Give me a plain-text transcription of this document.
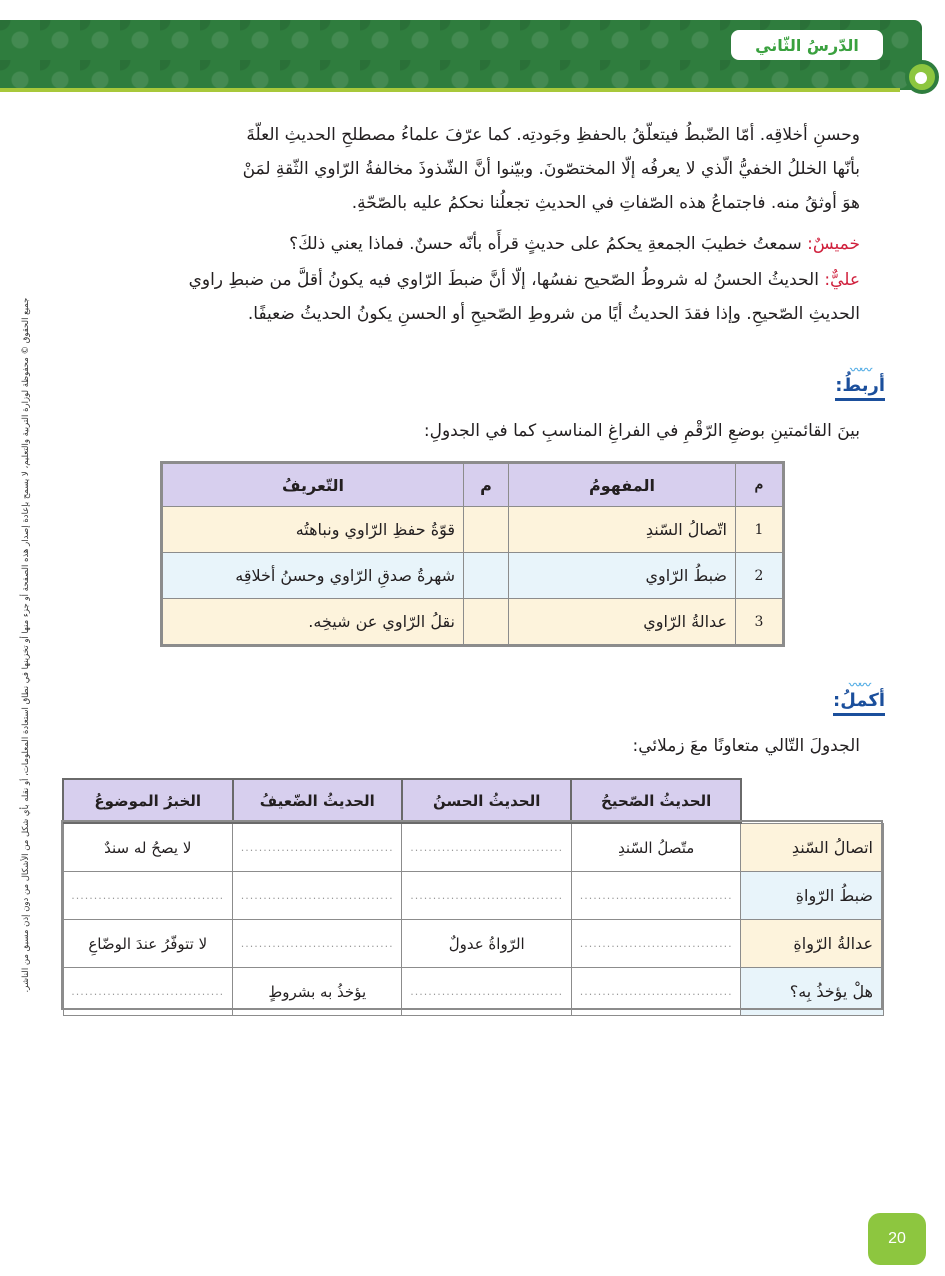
الدّرسُ الثّاني
وحسنِ أخلاقِه. أمّا الضّبطُ فيتعلّقُ بالحفظِ وجَودتِه. كما عرّفَ علماءُ مصطلحِ الحديثِ العلّةَ
بأنّها الخللُ الخفيُّ الّذي لا يعرفُه إلّا المختصّونَ. وبيّنوا أنَّ الشّذوذَ مخالفةُ الرّاوي الثّقةِ لمَنْ
هوَ أوثقُ منه. فاجتماعُ هذه الصّفاتِ في الحديثِ تجعلُنا نحكمُ عليه بالصّحّةِ.
خميسٌ: سمعتُ خطيبَ الجمعةِ يحكمُ على حديثٍ قرأَه بأنّه حسنٌ. فماذا يعني ذلكَ؟
عليٌّ: الحديثُ الحسنُ له شروطُ الصّحيح نفسُها، إلّا أنَّ ضبطَ الرّاوي فيه يكونُ أقلَّ من ضبطِ راوي
الحديثِ الصّحيحِ. وإذا فقدَ الحديثُ أيًا من شروطِ الصّحيحِ أو الحسنِ يكونُ الحديثُ ضعيفًا.
〰〰
أربطُ:
بينَ القائمتينِ بوضعِ الرّقْمِ في الفراغِ المناسبِ كما في الجدولِ:
م	المفهومُ	م	التّعريفُ
1	اتّصالُ السّندِ		قوّةُ حفظِ الرّاوي ونباهتُه
2	ضبطُ الرّاوي		شهرةُ صدقِ الرّاوي وحسنُ أخلاقِه
3	عدالةُ الرّاوي		نقلُ الرّاوي عن شيخِه.
〰〰
أكملُ:
الجدولَ التّالي متعاونًا معَ زملائي:
	الحديثُ الصّحيحُ	الحديثُ الحسنُ	الحديثُ الضّعيفُ	الخبرُ الموضوعُ
اتصالُ السّندِ	متّصلُ السّندِ	..................................	..................................	لا يصحُ له سندٌ
ضبطُ الرّواةِ	..................................	..................................	..................................	..................................
عدالةُ الرّواةِ	..................................	الرّواةُ عدولٌ	..................................	لا تتوفّرُ عندَ الوضّاعِ
هلْ يؤخذُ بِه؟	..................................	..................................	يؤخذُ به بشروطٍ	..................................
جميع الحقوق © محفوظة لوزارة التربية والتعليم، لا يسمح بإعادة إصدار هذه الصفحة أو جزء منها أو تخزينها في نطاق استعادة المعلومات، أو نقله بأي شكل من الأشكال من دون إذن مسبق من الناشر.
20
